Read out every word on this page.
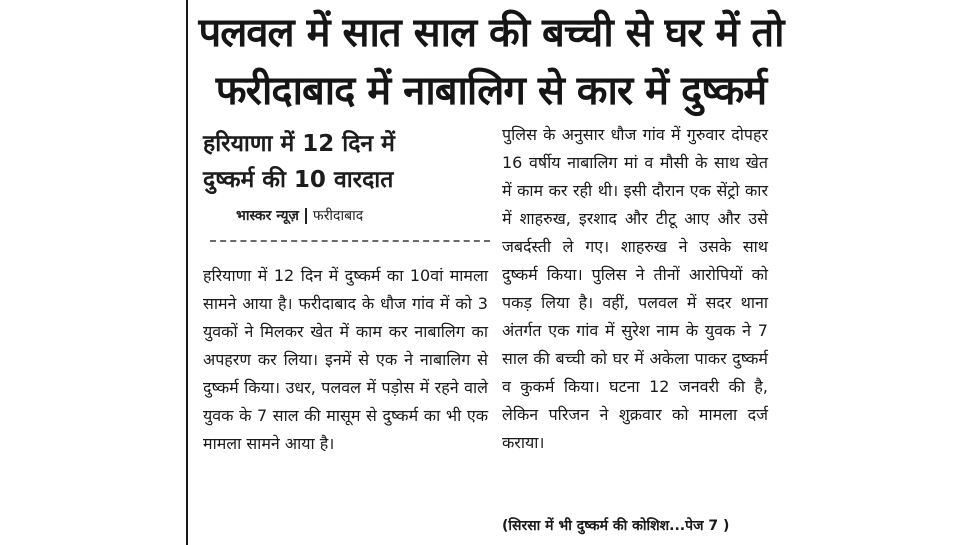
पलवल में सात साल की बच्ची से घर में तो
फरीदाबाद में नाबालिग से कार में दुष्कर्म
हरियाणा में 12 दिन में
दुष्कर्म की 10 वारदात
भास्कर न्यूज़ फरीदाबाद
हरियाणा में 12 दिन में दुष्कर्म का 10वां मामला सामने आया है। फरीदाबाद के धौज गांव में को 3 युवकों ने मिलकर खेत में काम कर नाबालिग का अपहरण कर लिया। इनमें से एक ने नाबालिग से दुष्कर्म किया। उधर, पलवल में पड़ोस में रहने वाले युवक के 7 साल की मासूम से दुष्कर्म का भी एक मामला सामने आया है।
पुलिस के अनुसार धौज गांव में गुरुवार दोपहर 16 वर्षीय नाबालिग मां व मौसी के साथ खेत में काम कर रही थी। इसी दौरान एक सेंट्रो कार में शाहरुख, इरशाद और टीटू आए और उसे जबर्दस्ती ले गए। शाहरुख ने उसके साथ दुष्कर्म किया। पुलिस ने तीनों आरोपियों को पकड़ लिया है। वहीं, पलवल में सदर थाना अंतर्गत एक गांव में सुरेश नाम के युवक ने 7 साल की बच्ची को घर में अकेला पाकर दुष्कर्म व कुकर्म किया। घटना 12 जनवरी की है, लेकिन परिजन ने शुक्रवार को मामला दर्ज कराया।
(सिरसा में भी दुष्कर्म की कोशिश...पेज 7 )
